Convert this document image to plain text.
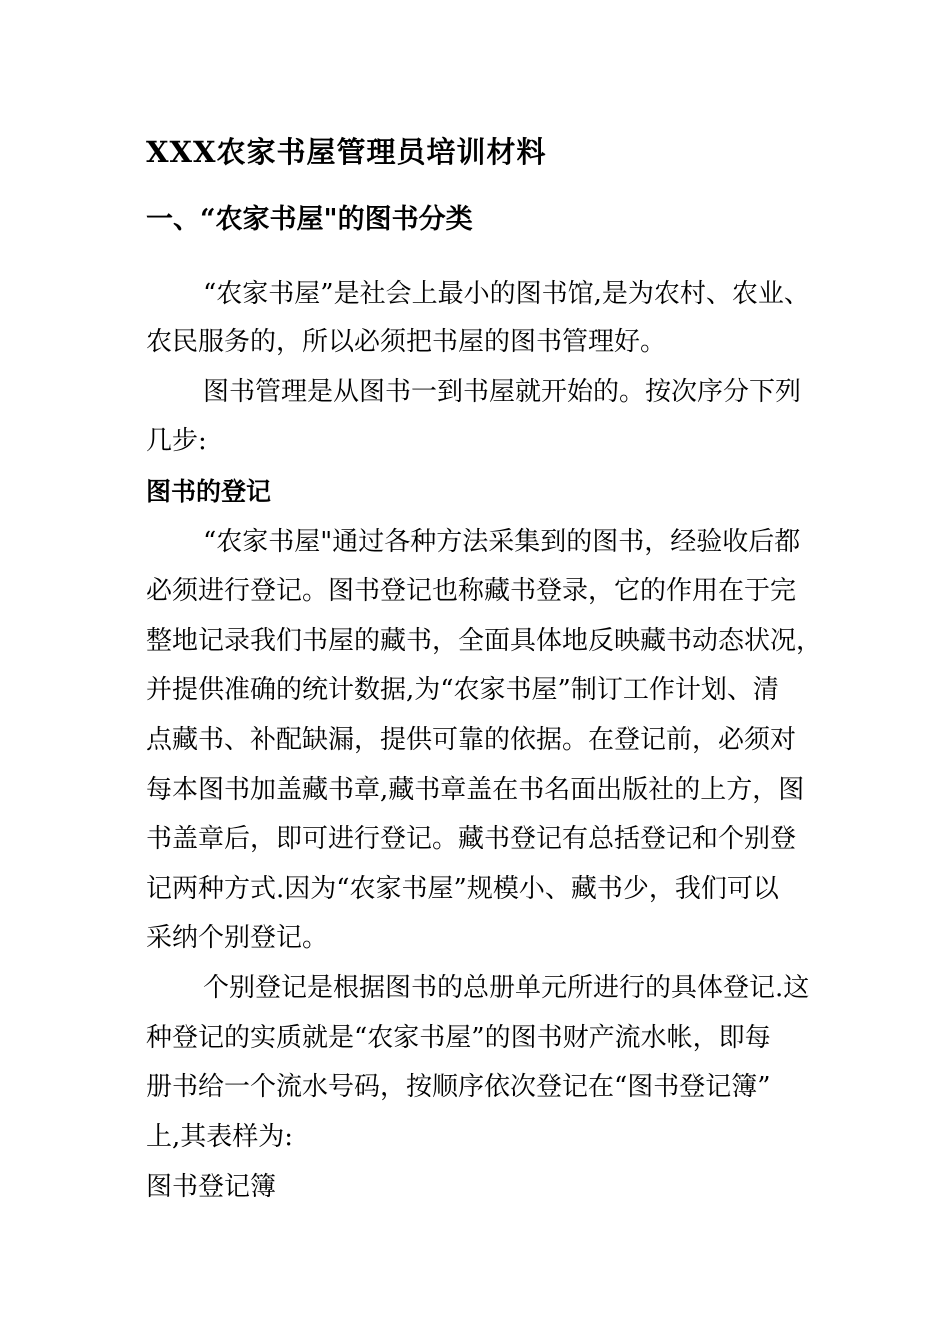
XXX农家书屋管理员培训材料
一、“农家书屋"的图书分类
“农家书屋”是社会上最小的图书馆,是为农村、农业、
农民服务的，所以必须把书屋的图书管理好。
图书管理是从图书一到书屋就开始的。按次序分下列
几步:
图书的登记
“农家书屋"通过各种方法采集到的图书，经验收后都
必须进行登记。图书登记也称藏书登录，它的作用在于完
整地记录我们书屋的藏书，全面具体地反映藏书动态状况，
并提供准确的统计数据,为“农家书屋”制订工作计划、清
点藏书、补配缺漏，提供可靠的依据。在登记前，必须对
每本图书加盖藏书章,藏书章盖在书名面出版社的上方，图
书盖章后，即可进行登记。藏书登记有总括登记和个别登
记两种方式.因为“农家书屋”规模小、藏书少，我们可以
采纳个别登记。
个别登记是根据图书的总册单元所进行的具体登记.这
种登记的实质就是“农家书屋”的图书财产流水帐，即每
册书给一个流水号码，按顺序依次登记在“图书登记簿”
上,其表样为:
图书登记簿
